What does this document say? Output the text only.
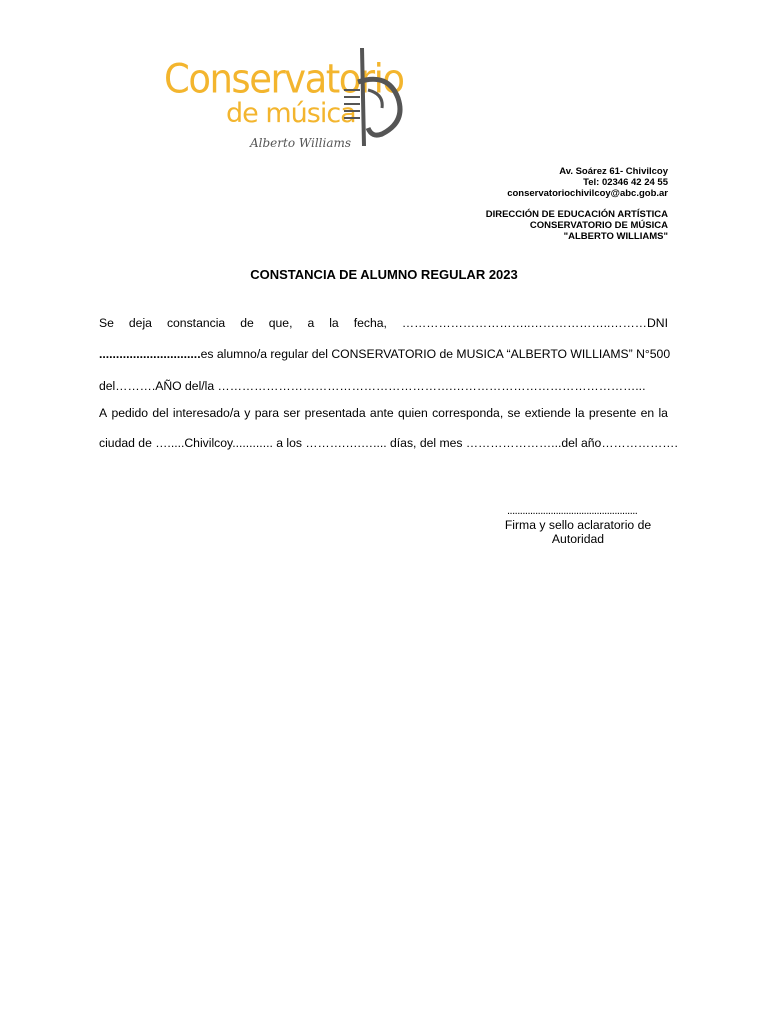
Conservatorio
de música
Alberto Williams
Av. Soárez 61- Chivilcoy
Tel: 02346 42 24 55
conservatoriochivilcoy@abc.gob.ar
DIRECCIÓN DE EDUCACIÓN ARTÍSTICA
CONSERVATORIO DE MÚSICA
"ALBERTO WILLIAMS"
CONSTANCIA DE ALUMNO REGULAR 2023
Se deja constancia de que, a la fecha, …………………………..………………..………DNI
..............................es alumno/a regular del CONSERVATORIO de MUSICA “ALBERTO WILLIAMS” N°500
del……….AÑO del/la ………………………………………………….………………………………………...
A pedido del interesado/a y para ser presentada ante quien corresponda, se extiende la presente en la
ciudad de ….....Chivilcoy............ a los ……….….….... días, del mes …………………...del año……………….
...................................................
Firma y sello aclaratorio de
Autoridad
